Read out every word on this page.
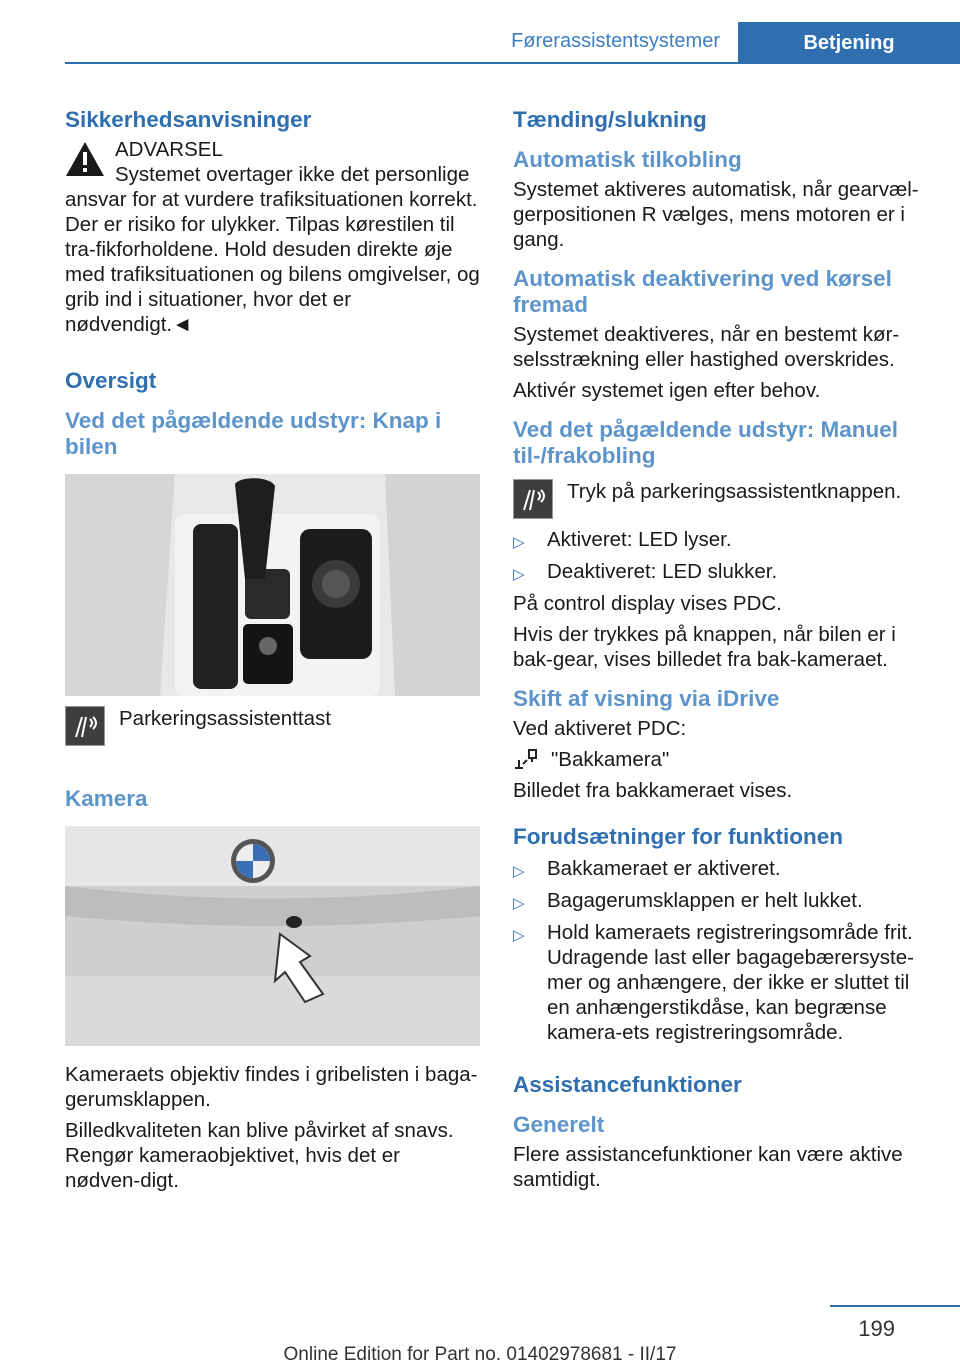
Førerassistentsystemer	Betjening
Sikkerhedsanvisninger
ADVARSEL
Systemet overtager ikke det personlige

ansvar for at vurdere trafiksituationen korrekt. Der er risiko for ulykker. Tilpas kørestilen til tra-fikforholdene. Hold desuden direkte øje med trafiksituationen og bilens omgivelser, og grib ind i situationer, hvor det er nødvendigt.◄

Oversigt
Ved det pågældende udstyr: Knap i bilen
Parkeringsassistenttast
Kamera

Kameraets objektiv findes i gribelisten i baga-gerumsklappen.

Billedkvaliteten kan blive påvirket af snavs. Rengør kameraobjektivet, hvis det er nødven-digt.

Tænding/slukning
Automatisk tilkobling

Systemet aktiveres automatisk, når gearvæl-gerpositionen R vælges, mens motoren er i gang.

Automatisk deaktivering ved kørsel fremad

Systemet deaktiveres, når en bestemt kør-selsstrækning eller hastighed overskrides.

Aktivér systemet igen efter behov.

Ved det pågældende udstyr: Manuel til-/frakobling
Tryk på parkeringsassistentknappen.
▷ Aktiveret: LED lyser.
▷ Deaktiveret: LED slukker.

På control display vises PDC.

Hvis der trykkes på knappen, når bilen er i bak-gear, vises billedet fra bak-kameraet.

Skift af visning via iDrive

Ved aktiveret PDC:

"Bakkamera"

Billedet fra bakkameraet vises.

Forudsætninger for funktionen
▷ Bakkameraet er aktiveret.
▷ Bagagerumsklappen er helt lukket.
▷ Hold kameraets registreringsområde frit. Udragende last eller bagagebærersyste-mer og anhængere, der ikke er sluttet til en anhængerstikdåse, kan begrænse kamera-ets registreringsområde.
Assistancefunktioner
Generelt

Flere assistancefunktioner kan være aktive samtidigt.

199
Online Edition for Part no. 01402978681 - II/17
